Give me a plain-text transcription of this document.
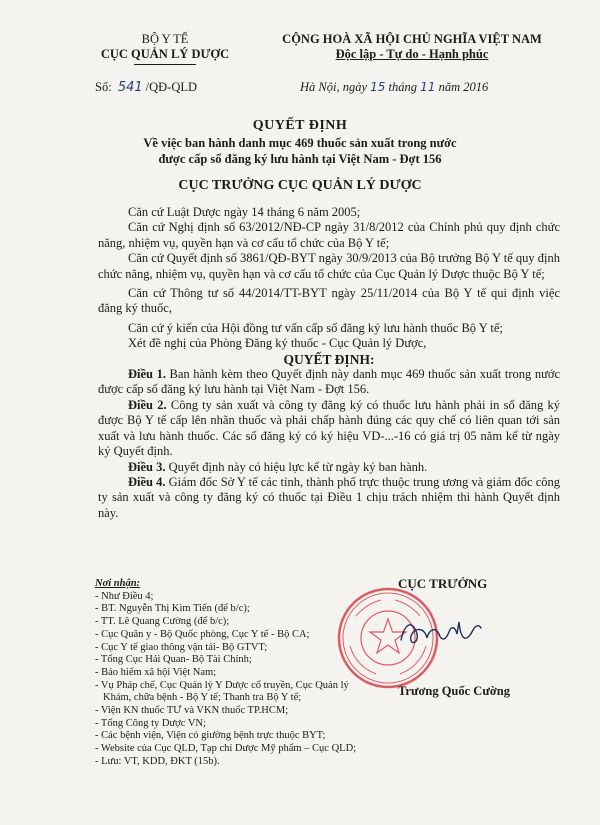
BỘ Y TẾ
CỤC QUẢN LÝ DƯỢC
CỘNG HOÀ XÃ HỘI CHỦ NGHĨA VIỆT NAM
Độc lập - Tự do - Hạnh phúc
Số: 541 /QĐ-QLD	Hà Nội, ngày 15 tháng 11 năm 2016
QUYẾT ĐỊNH
Về việc ban hành danh mục 469 thuốc sản xuất trong nước
được cấp số đăng ký lưu hành tại Việt Nam - Đợt 156
CỤC TRƯỞNG CỤC QUẢN LÝ DƯỢC

Căn cứ Luật Dược ngày 14 tháng 6 năm 2005;

Căn cứ Nghị định số 63/2012/NĐ-CP ngày 31/8/2012 của Chính phủ quy định chức năng, nhiệm vụ, quyền hạn và cơ cấu tổ chức của Bộ Y tế;

Căn cứ Quyết định số 3861/QĐ-BYT ngày 30/9/2013 của Bộ trưởng Bộ Y tế quy định chức năng, nhiệm vụ, quyền hạn và cơ cấu tổ chức của Cục Quản lý Dược thuộc Bộ Y tế;

Căn cứ Thông tư số 44/2014/TT-BYT ngày 25/11/2014 của Bộ Y tế qui định việc đăng ký thuốc,

Căn cứ ý kiến của Hội đồng tư vấn cấp số đăng ký lưu hành thuốc Bộ Y tế;

Xét đề nghị của Phòng Đăng ký thuốc - Cục Quản lý Dược,

QUYẾT ĐỊNH:

Điều 1. Ban hành kèm theo Quyết định này danh mục 469 thuốc sản xuất trong nước được cấp số đăng ký lưu hành tại Việt Nam - Đợt 156.

Điều 2. Công ty sản xuất và công ty đăng ký có thuốc lưu hành phải in số đăng ký được Bộ Y tế cấp lên nhãn thuốc và phải chấp hành đúng các quy chế có liên quan tới sản xuất và lưu hành thuốc. Các số đăng ký có ký hiệu VD-...-16 có giá trị 05 năm kể từ ngày ký Quyết định.

Điều 3. Quyết định này có hiệu lực kể từ ngày ký ban hành.

Điều 4. Giám đốc Sở Y tế các tỉnh, thành phố trực thuộc trung ương và giám đốc công ty sản xuất và công ty đăng ký có thuốc tại Điều 1 chịu trách nhiệm thi hành Quyết định này.

Nơi nhận:
- Như Điều 4;
- BT. Nguyễn Thị Kim Tiến (để b/c);
- TT. Lê Quang Cường (để b/c);
- Cục Quân y - Bộ Quốc phòng, Cục Y tế - Bộ CA;
- Cục Y tế giao thông vận tải- Bộ GTVT;
- Tổng Cục Hải Quan- Bộ Tài Chính;
- Bảo hiểm xã hội Việt Nam;
- Vụ Pháp chế, Cục Quản lý Y Dược cổ truyền, Cục Quản lý Khám, chữa bệnh - Bộ Y tế; Thanh tra Bộ Y tế;
- Viện KN thuốc TƯ và VKN thuốc TP.HCM;
- Tổng Công ty Dược VN;
- Các bệnh viện, Viện có giường bệnh trực thuộc BYT;
- Website của Cục QLD, Tạp chí Dược Mỹ phẩm – Cục QLD;
- Lưu: VT, KDD, ĐKT (15b).
CỤC TRƯỞNG
Trương Quốc Cường
